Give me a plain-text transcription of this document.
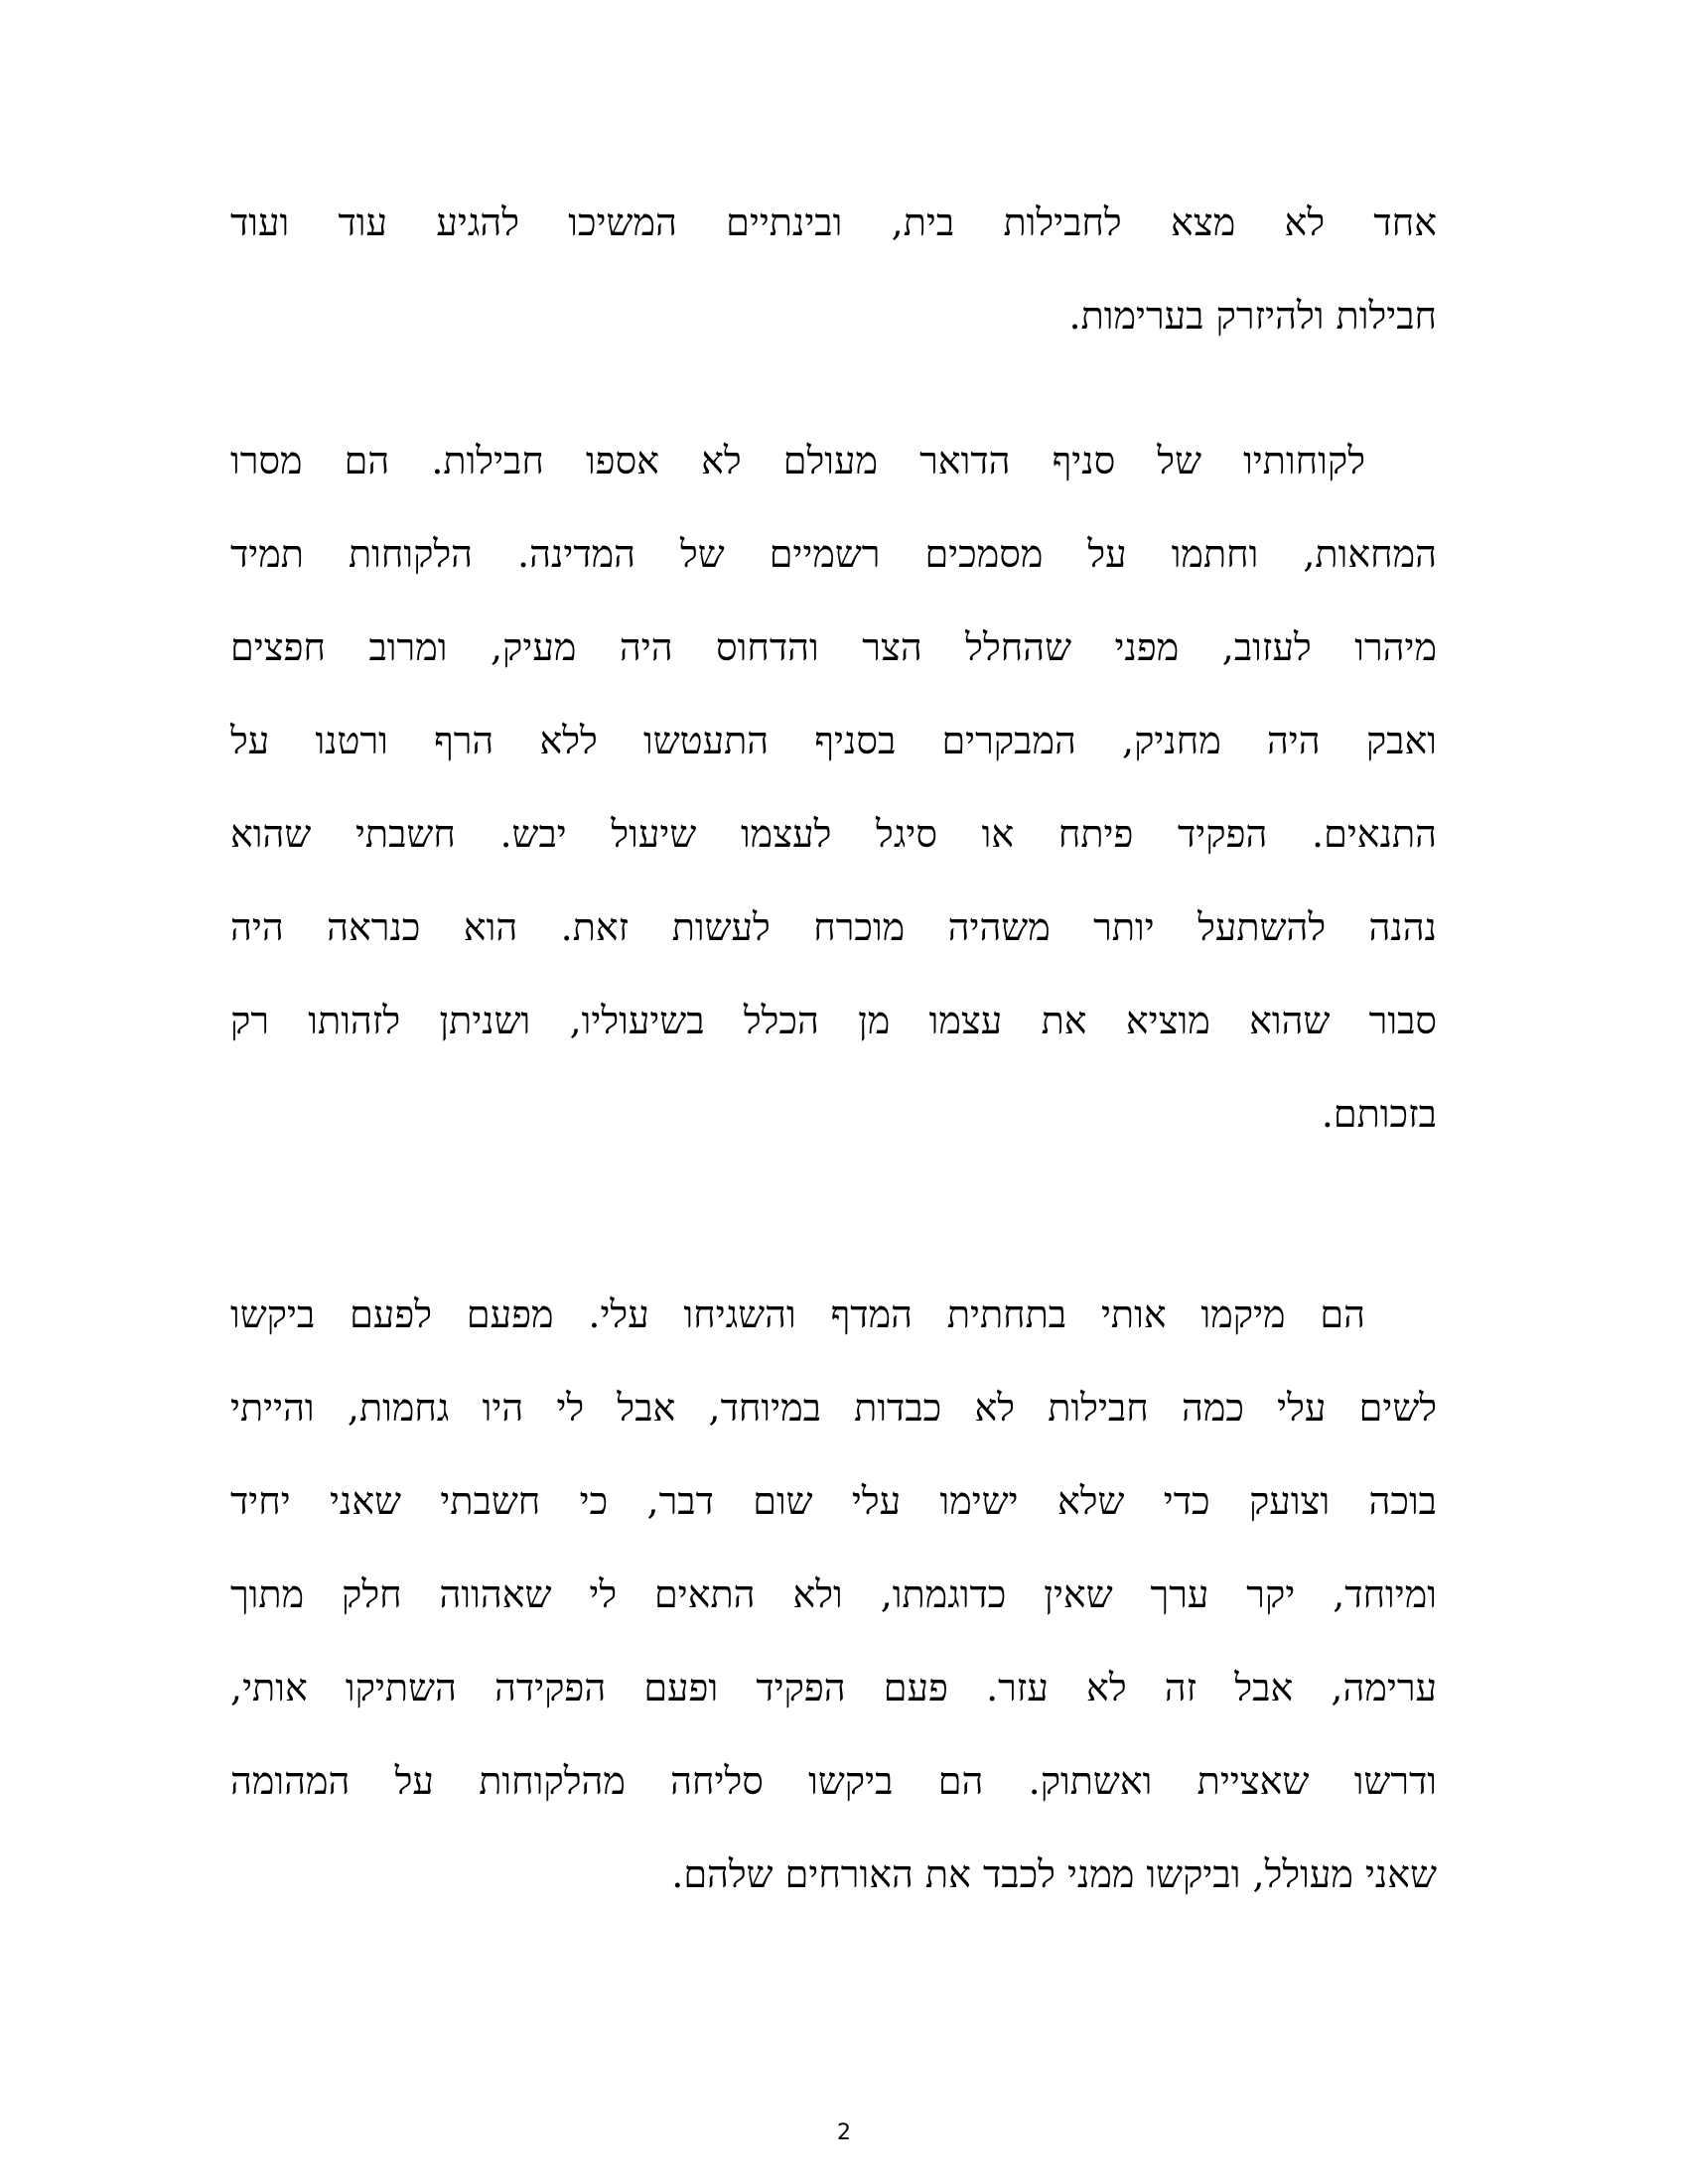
אחד לא מצא לחבילות בית, ובינתיים המשיכו להגיע עוד ועוד
חבילות ולהיזרק בערימות.
לקוחותיו של סניף הדואר מעולם לא אספו חבילות. הם מסרו
המחאות, וחתמו על מסמכים רשמיים של המדינה. הלקוחות תמיד
מיהרו לעזוב, מפני שהחלל הצר והדחוס היה מעיק, ומרוב חפצים
ואבק היה מחניק, המבקרים בסניף התעטשו ללא הרף ורטנו על
התנאים. הפקיד פיתח או סיגל לעצמו שיעול יבש. חשבתי שהוא
נהנה להשתעל יותר משהיה מוכרח לעשות זאת. הוא כנראה היה
סבור שהוא מוציא את עצמו מן הכלל בשיעוליו, ושניתן לזהותו רק
בזכותם.
הם מיקמו אותי בתחתית המדף והשגיחו עלי. מפעם לפעם ביקשו
לשים עלי כמה חבילות לא כבדות במיוחד, אבל לי היו גחמות, והייתי
בוכה וצועק כדי שלא ישימו עלי שום דבר, כי חשבתי שאני יחיד
ומיוחד, יקר ערך שאין כדוגמתו, ולא התאים לי שאהווה חלק מתוך
ערימה, אבל זה לא עזר. פעם הפקיד ופעם הפקידה השתיקו אותי,
ודרשו שאציית ואשתוק. הם ביקשו סליחה מהלקוחות על המהומה
שאני מעולל, וביקשו ממני לכבד את האורחים שלהם.
2
